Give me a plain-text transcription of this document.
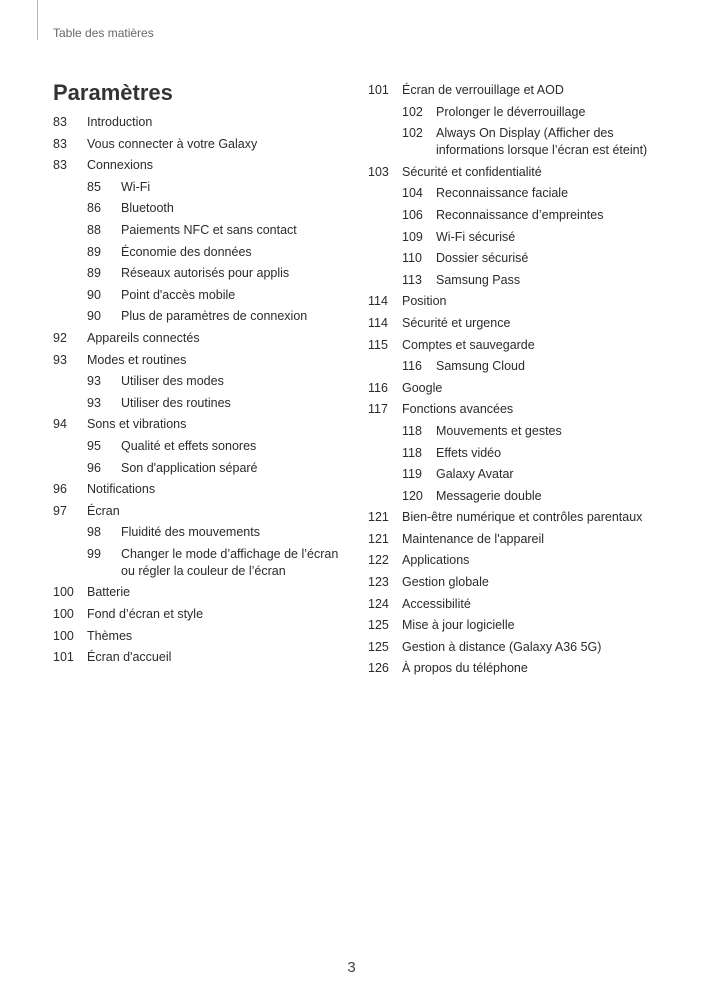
Table des matières
Paramètres
83	Introduction
83	Vous connecter à votre Galaxy
83	Connexions
85	Wi-Fi
86	Bluetooth
88	Paiements NFC et sans contact
89	Économie des données
89	Réseaux autorisés pour applis
90	Point d'accès mobile
90	Plus de paramètres de connexion
92	Appareils connectés
93	Modes et routines
93	Utiliser des modes
93	Utiliser des routines
94	Sons et vibrations
95	Qualité et effets sonores
96	Son d'application séparé
96	Notifications
97	Écran
98	Fluidité des mouvements
99	Changer le mode d’affichage de l’écran ou régler la couleur de l’écran
100	Batterie
100	Fond d’écran et style
100	Thèmes
101	Écran d'accueil
101	Écran de verrouillage et AOD
102	Prolonger le déverrouillage
102	Always On Display (Afficher des informations lorsque l’écran est éteint)
103	Sécurité et confidentialité
104	Reconnaissance faciale
106	Reconnaissance d’empreintes
109	Wi-Fi sécurisé
110	Dossier sécurisé
113	Samsung Pass
114	Position
114	Sécurité et urgence
115	Comptes et sauvegarde
116	Samsung Cloud
116	Google
117	Fonctions avancées
118	Mouvements et gestes
118	Effets vidéo
119	Galaxy Avatar
120	Messagerie double
121	Bien-être numérique et contrôles parentaux
121	Maintenance de l'appareil
122	Applications
123	Gestion globale
124	Accessibilité
125	Mise à jour logicielle
125	Gestion à distance (Galaxy A36 5G)
126	À propos du téléphone
3
